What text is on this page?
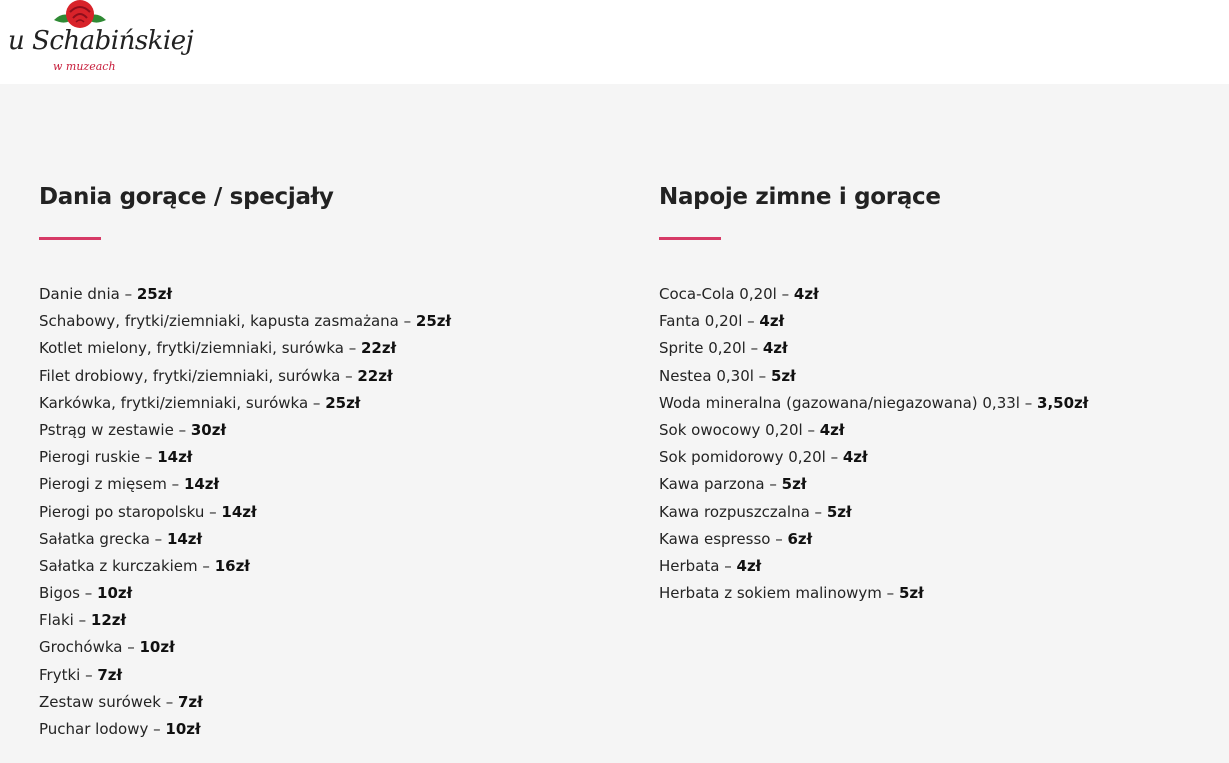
u Schabińskiej
w muzeach
Dania gorące / specjały
Danie dnia – 25zł
Schabowy, frytki/ziemniaki, kapusta zasmażana – 25zł
Kotlet mielony, frytki/ziemniaki, surówka – 22zł
Filet drobiowy, frytki/ziemniaki, surówka – 22zł
Karkówka, frytki/ziemniaki, surówka – 25zł
Pstrąg w zestawie – 30zł
Pierogi ruskie – 14zł
Pierogi z mięsem – 14zł
Pierogi po staropolsku – 14zł
Sałatka grecka – 14zł
Sałatka z kurczakiem – 16zł
Bigos – 10zł
Flaki – 12zł
Grochówka – 10zł
Frytki – 7zł
Zestaw surówek – 7zł
Puchar lodowy – 10zł
Napoje zimne i gorące
Coca-Cola 0,20l – 4zł
Fanta 0,20l – 4zł
Sprite 0,20l – 4zł
Nestea 0,30l – 5zł
Woda mineralna (gazowana/niegazowana) 0,33l – 3,50zł
Sok owocowy 0,20l – 4zł
Sok pomidorowy 0,20l – 4zł
Kawa parzona – 5zł
Kawa rozpuszczalna – 5zł
Kawa espresso – 6zł
Herbata – 4zł
Herbata z sokiem malinowym – 5zł
